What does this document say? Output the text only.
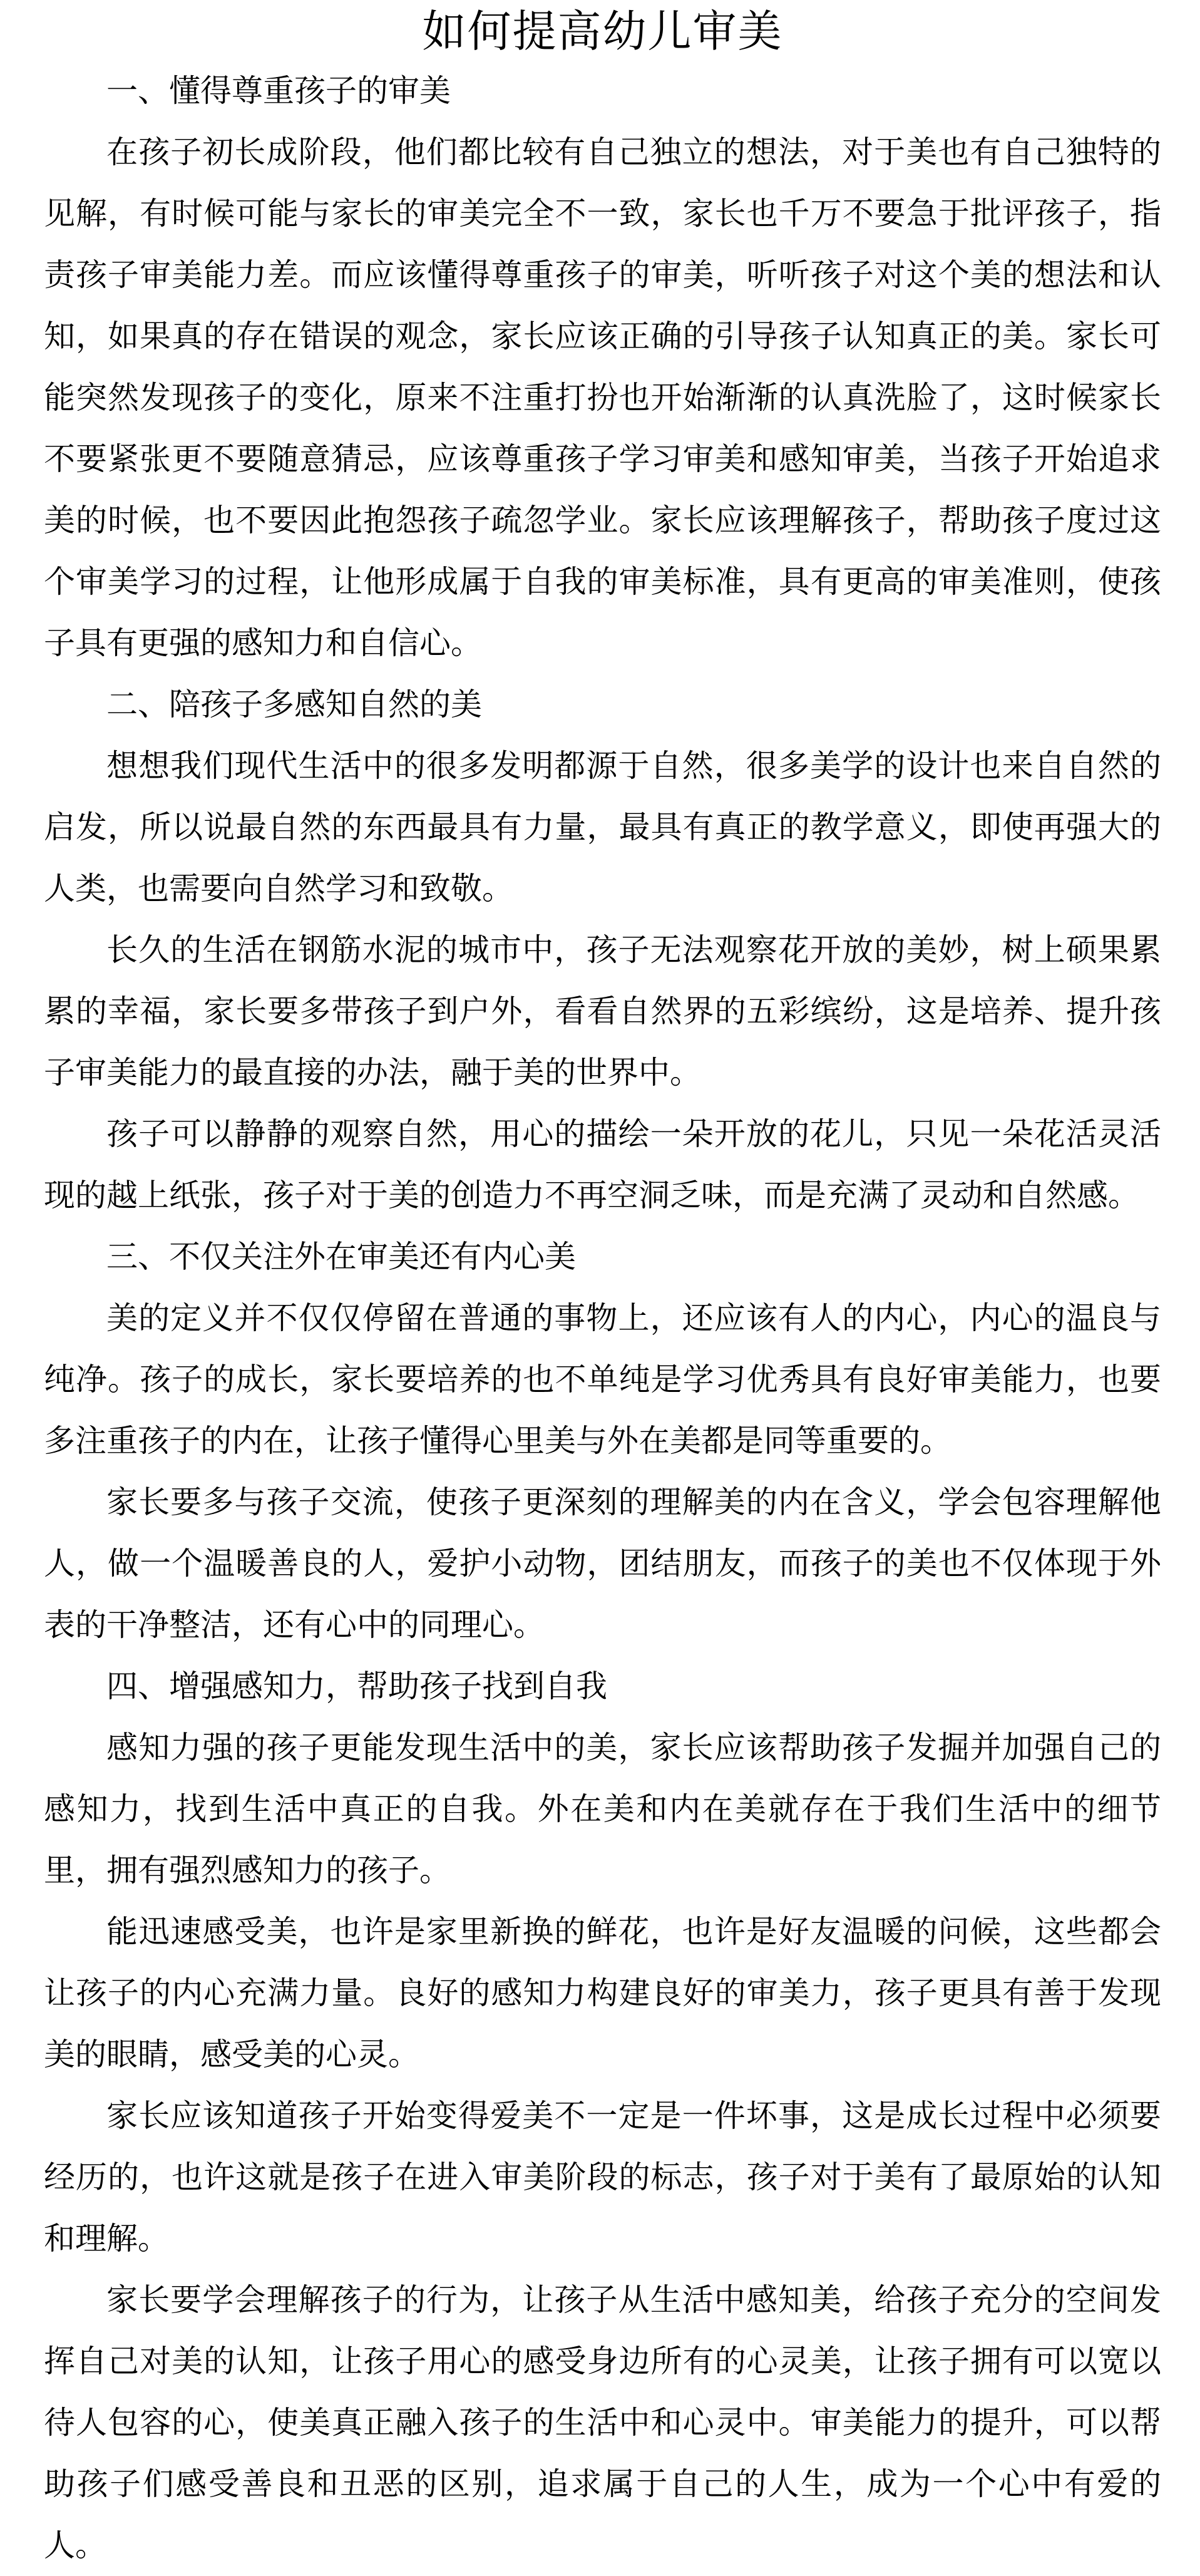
如何提高幼儿审美
一、懂得尊重孩子的审美

在孩子初长成阶段，他们都比较有自己独立的想法，对于美也有自己独特的见解，有时候可能与家长的审美完全不一致，家长也千万不要急于批评孩子，指责孩子审美能力差。而应该懂得尊重孩子的审美，听听孩子对这个美的想法和认知，如果真的存在错误的观念，家长应该正确的引导孩子认知真正的美。家长可能突然发现孩子的变化，原来不注重打扮也开始渐渐的认真洗脸了，这时候家长不要紧张更不要随意猜忌，应该尊重孩子学习审美和感知审美，当孩子开始追求美的时候，也不要因此抱怨孩子疏忽学业。家长应该理解孩子，帮助孩子度过这个审美学习的过程，让他形成属于自我的审美标准，具有更高的审美准则，使孩子具有更强的感知力和自信心。

二、陪孩子多感知自然的美

想想我们现代生活中的很多发明都源于自然，很多美学的设计也来自自然的启发，所以说最自然的东西最具有力量，最具有真正的教学意义，即使再强大的人类，也需要向自然学习和致敬。

长久的生活在钢筋水泥的城市中，孩子无法观察花开放的美妙，树上硕果累累的幸福，家长要多带孩子到户外，看看自然界的五彩缤纷，这是培养、提升孩子审美能力的最直接的办法，融于美的世界中。

孩子可以静静的观察自然，用心的描绘一朵开放的花儿，只见一朵花活灵活现的越上纸张，孩子对于美的创造力不再空洞乏味，而是充满了灵动和自然感。

三、不仅关注外在审美还有内心美

美的定义并不仅仅停留在普通的事物上，还应该有人的内心，内心的温良与纯净。孩子的成长，家长要培养的也不单纯是学习优秀具有良好审美能力，也要多注重孩子的内在，让孩子懂得心里美与外在美都是同等重要的。

家长要多与孩子交流，使孩子更深刻的理解美的内在含义，学会包容理解他人，做一个温暖善良的人，爱护小动物，团结朋友，而孩子的美也不仅体现于外表的干净整洁，还有心中的同理心。

四、增强感知力，帮助孩子找到自我

感知力强的孩子更能发现生活中的美，家长应该帮助孩子发掘并加强自己的感知力，找到生活中真正的自我。外在美和内在美就存在于我们生活中的细节里，拥有强烈感知力的孩子。

能迅速感受美，也许是家里新换的鲜花，也许是好友温暖的问候，这些都会让孩子的内心充满力量。良好的感知力构建良好的审美力，孩子更具有善于发现美的眼睛，感受美的心灵。

家长应该知道孩子开始变得爱美不一定是一件坏事，这是成长过程中必须要经历的，也许这就是孩子在进入审美阶段的标志，孩子对于美有了最原始的认知和理解。

家长要学会理解孩子的行为，让孩子从生活中感知美，给孩子充分的空间发挥自己对美的认知，让孩子用心的感受身边所有的心灵美，让孩子拥有可以宽以待人包容的心，使美真正融入孩子的生活中和心灵中。审美能力的提升，可以帮助孩子们感受善良和丑恶的区别，追求属于自己的人生，成为一个心中有爱的人。
